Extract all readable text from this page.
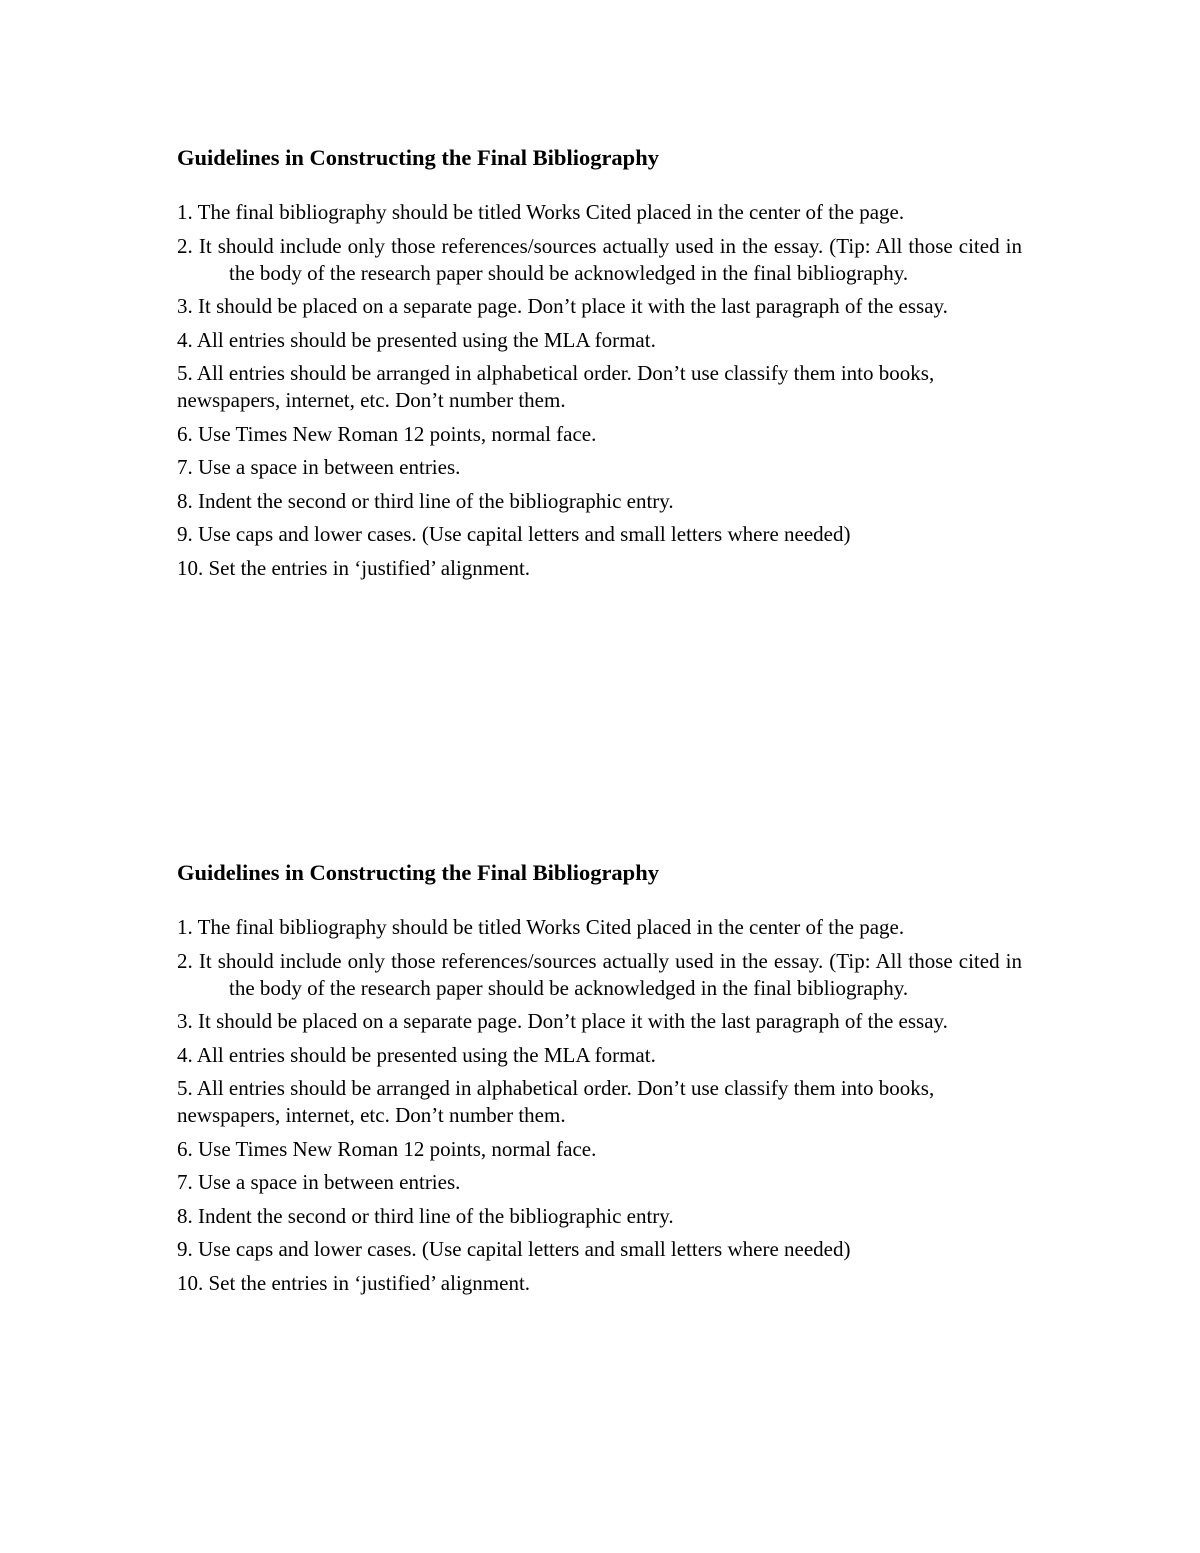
Guidelines in Constructing the Final Bibliography

1. The final bibliography should be titled Works Cited placed in the center of the page.

2. It should include only those references/sources actually used in the essay. (Tip: All those cited in the body of the research paper should be acknowledged in the final bibliography.

3. It should be placed on a separate page. Don’t place it with the last paragraph of the essay.

4. All entries should be presented using the MLA format.

5. All entries should be arranged in alphabetical order. Don’t use classify them into books, newspapers, internet, etc. Don’t number them.

6. Use Times New Roman 12 points, normal face.

7. Use a space in between entries.

8. Indent the second or third line of the bibliographic entry.

9. Use caps and lower cases. (Use capital letters and small letters where needed)

10. Set the entries in ‘justified’ alignment.

Guidelines in Constructing the Final Bibliography

1. The final bibliography should be titled Works Cited placed in the center of the page.

2. It should include only those references/sources actually used in the essay. (Tip: All those cited in the body of the research paper should be acknowledged in the final bibliography.

3. It should be placed on a separate page. Don’t place it with the last paragraph of the essay.

4. All entries should be presented using the MLA format.

5. All entries should be arranged in alphabetical order. Don’t use classify them into books, newspapers, internet, etc. Don’t number them.

6. Use Times New Roman 12 points, normal face.

7. Use a space in between entries.

8. Indent the second or third line of the bibliographic entry.

9. Use caps and lower cases. (Use capital letters and small letters where needed)

10. Set the entries in ‘justified’ alignment.
